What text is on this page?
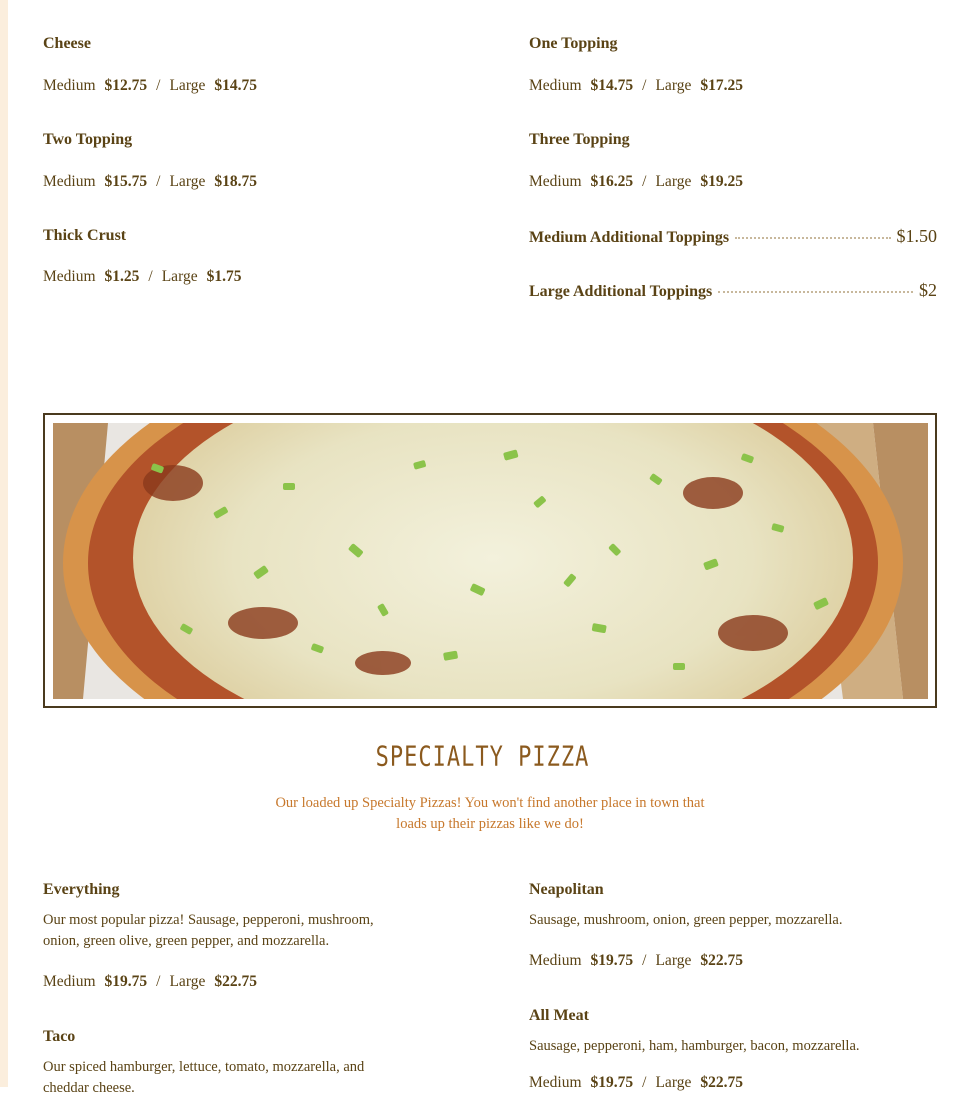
Cheese
Medium $12.75 / Large $14.75
One Topping
Medium $14.75 / Large $17.25
Two Topping
Medium $15.75 / Large $18.75
Three Topping
Medium $16.25 / Large $19.25
Thick Crust
Medium $1.25 / Large $1.75
Medium Additional Toppings	$1.50
Large Additional Toppings	$2
SPECIALTY PIZZA
Our loaded up Specialty Pizzas! You won't find another place in town that loads up their pizzas like we do!
Everything
Our most popular pizza! Sausage, pepperoni, mushroom, onion, green olive, green pepper, and mozzarella.
Medium $19.75 / Large $22.75
Neapolitan
Sausage, mushroom, onion, green pepper, mozzarella.
Medium $19.75 / Large $22.75
Taco
Our spiced hamburger, lettuce, tomato, mozzarella, and cheddar cheese.
All Meat
Sausage, pepperoni, ham, hamburger, bacon, mozzarella.
Medium $19.75 / Large $22.75
